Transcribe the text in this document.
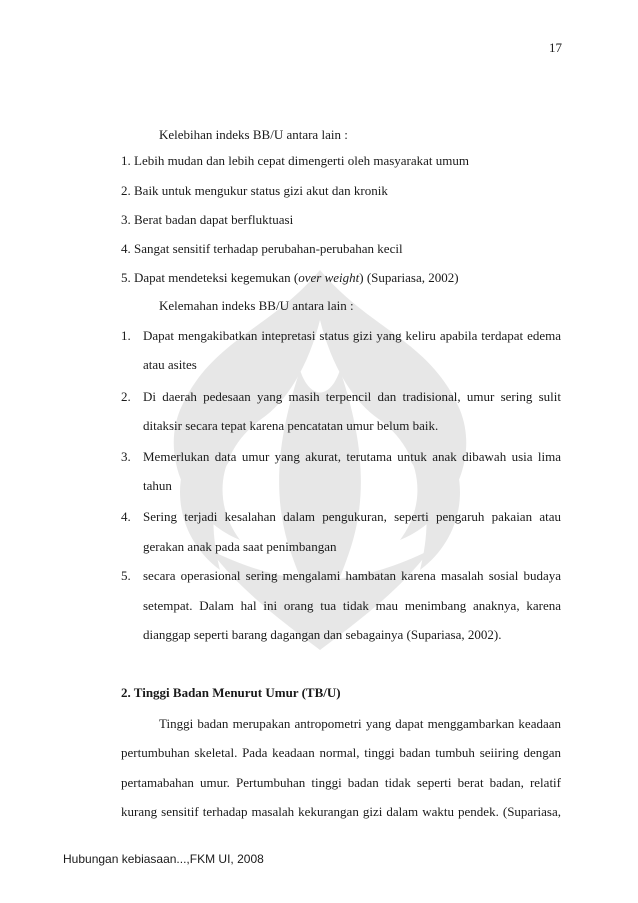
17
Kelebihan indeks BB/U antara lain :
1. Lebih mudan dan lebih cepat dimengerti oleh masyarakat umum
2. Baik untuk mengukur status gizi akut dan kronik
3. Berat badan dapat berfluktuasi
4. Sangat sensitif terhadap perubahan-perubahan kecil
5. Dapat mendeteksi kegemukan (over weight) (Supariasa, 2002)
Kelemahan indeks BB/U antara lain :
1. Dapat mengakibatkan intepretasi status gizi yang keliru apabila terdapat edema
atau asites
2. Di daerah pedesaan yang masih terpencil dan tradisional, umur sering sulit
ditaksir secara tepat karena pencatatan umur belum baik.
3. Memerlukan data umur yang akurat, terutama untuk anak dibawah usia lima
tahun
4. Sering terjadi kesalahan dalam pengukuran, seperti pengaruh pakaian atau
gerakan anak pada saat penimbangan
5. secara operasional sering mengalami hambatan karena masalah sosial budaya
setempat. Dalam hal ini orang tua tidak mau menimbang anaknya, karena
dianggap seperti barang dagangan dan sebagainya (Supariasa, 2002).
2. Tinggi Badan Menurut Umur (TB/U)
Tinggi badan merupakan antropometri yang dapat menggambarkan keadaan
pertumbuhan skeletal. Pada keadaan normal, tinggi badan tumbuh seiiring dengan
pertamabahan umur. Pertumbuhan tinggi badan tidak seperti berat badan, relatif
kurang sensitif terhadap masalah kekurangan gizi dalam waktu pendek. (Supariasa,
Hubungan kebiasaan...,FKM UI, 2008
